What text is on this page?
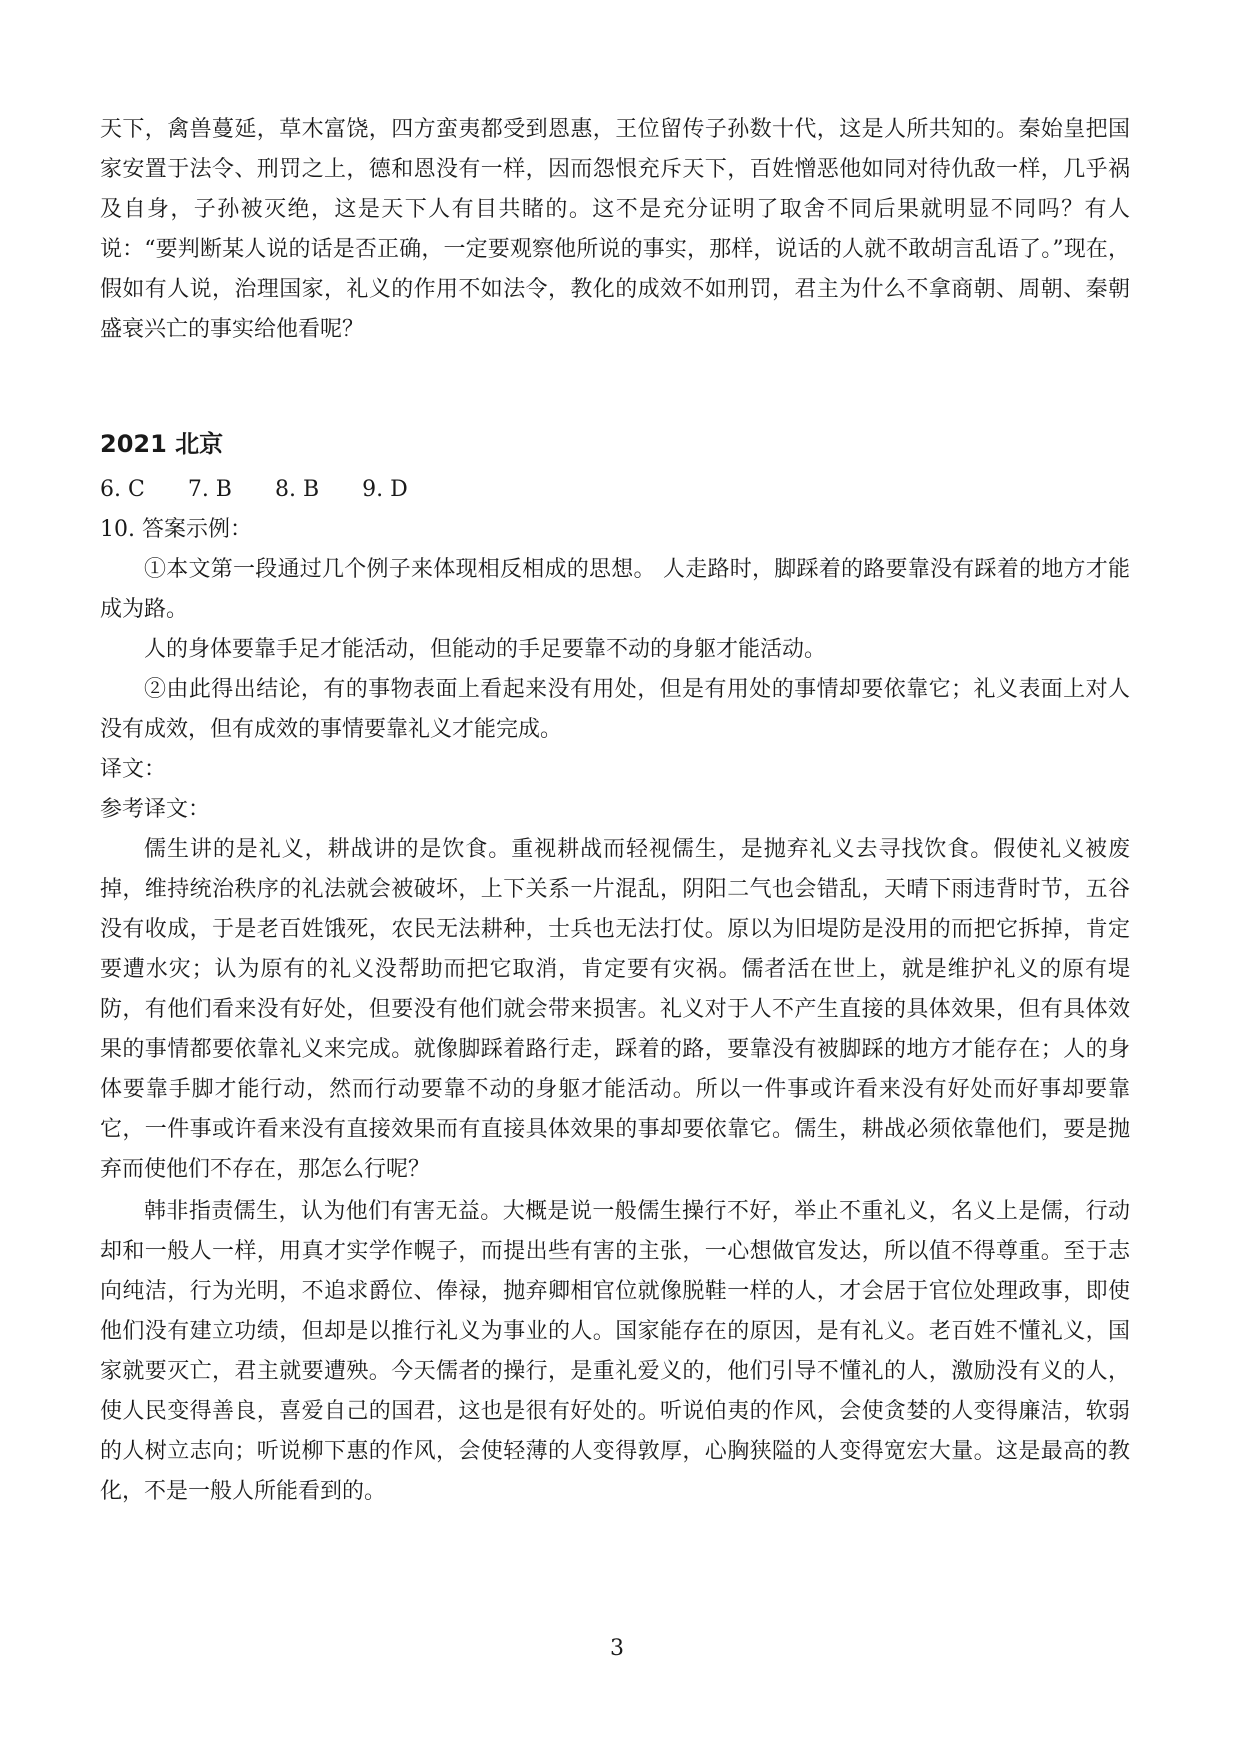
天下，禽兽蔓延，草木富饶，四方蛮夷都受到恩惠，王位留传子孙数十代，这是人所共知的。秦始皇把国家安置于法令、刑罚之上，德和恩没有一样，因而怨恨充斥天下，百姓憎恶他如同对待仇敌一样，几乎祸及自身，子孙被灭绝，这是天下人有目共睹的。这不是充分证明了取舍不同后果就明显不同吗？有人说：“要判断某人说的话是否正确，一定要观察他所说的事实，那样，说话的人就不敢胡言乱语了。”现在，假如有人说，治理国家，礼义的作用不如法令，教化的成效不如刑罚，君主为什么不拿商朝、周朝、秦朝盛衰兴亡的事实给他看呢？

2021 北京

6. C 7. B 8. B 9. D

10. 答案示例：

①本文第一段通过几个例子来体现相反相成的思想。 人走路时，脚踩着的路要靠没有踩着的地方才能成为路。

人的身体要靠手足才能活动，但能动的手足要靠不动的身躯才能活动。

②由此得出结论，有的事物表面上看起来没有用处，但是有用处的事情却要依靠它；礼义表面上对人没有成效，但有成效的事情要靠礼义才能完成。

译文：

参考译文：

儒生讲的是礼义，耕战讲的是饮食。重视耕战而轻视儒生，是抛弃礼义去寻找饮食。假使礼义被废掉，维持统治秩序的礼法就会被破坏，上下关系一片混乱，阴阳二气也会错乱，天晴下雨违背时节，五谷没有收成，于是老百姓饿死，农民无法耕种，士兵也无法打仗。原以为旧堤防是没用的而把它拆掉，肯定要遭水灾；认为原有的礼义没帮助而把它取消，肯定要有灾祸。儒者活在世上，就是维护礼义的原有堤防，有他们看来没有好处，但要没有他们就会带来损害。礼义对于人不产生直接的具体效果，但有具体效果的事情都要依靠礼义来完成。就像脚踩着路行走，踩着的路，要靠没有被脚踩的地方才能存在；人的身体要靠手脚才能行动，然而行动要靠不动的身躯才能活动。所以一件事或许看来没有好处而好事却要靠它，一件事或许看来没有直接效果而有直接具体效果的事却要依靠它。儒生，耕战必须依靠他们，要是抛弃而使他们不存在，那怎么行呢？

韩非指责儒生，认为他们有害无益。大概是说一般儒生操行不好，举止不重礼义，名义上是儒，行动却和一般人一样，用真才实学作幌子，而提出些有害的主张，一心想做官发达，所以值不得尊重。至于志向纯洁，行为光明，不追求爵位、俸禄，抛弃卿相官位就像脱鞋一样的人，才会居于官位处理政事，即使他们没有建立功绩，但却是以推行礼义为事业的人。国家能存在的原因，是有礼义。老百姓不懂礼义，国家就要灭亡，君主就要遭殃。今天儒者的操行，是重礼爱义的，他们引导不懂礼的人，激励没有义的人，使人民变得善良，喜爱自己的国君，这也是很有好处的。听说伯夷的作风，会使贪婪的人变得廉洁，软弱的人树立志向；听说柳下惠的作风，会使轻薄的人变得敦厚，心胸狭隘的人变得宽宏大量。这是最高的教化，不是一般人所能看到的。

3
